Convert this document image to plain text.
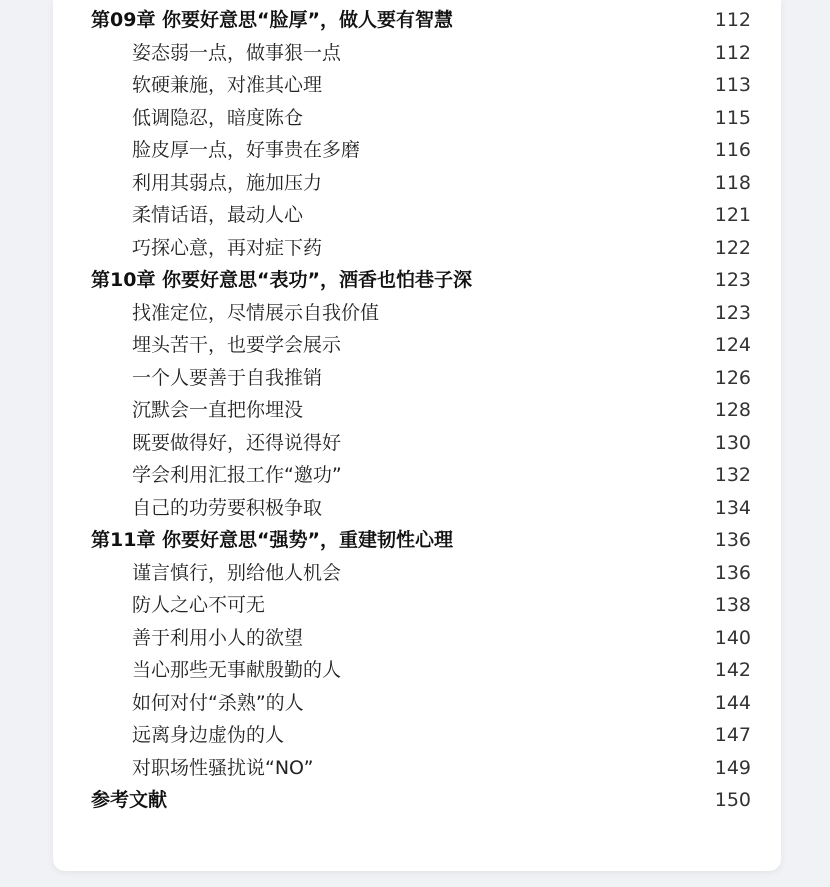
第09章 你要好意思“脸厚”，做人要有智慧	112
姿态弱一点，做事狠一点	112
软硬兼施，对准其心理	113
低调隐忍，暗度陈仓	115
脸皮厚一点，好事贵在多磨	116
利用其弱点，施加压力	118
柔情话语，最动人心	121
巧探心意，再对症下药	122
第10章 你要好意思“表功”，酒香也怕巷子深	123
找准定位，尽情展示自我价值	123
埋头苦干，也要学会展示	124
一个人要善于自我推销	126
沉默会一直把你埋没	128
既要做得好，还得说得好	130
学会利用汇报工作“邀功”	132
自己的功劳要积极争取	134
第11章 你要好意思“强势”，重建韧性心理	136
谨言慎行，别给他人机会	136
防人之心不可无	138
善于利用小人的欲望	140
当心那些无事献殷勤的人	142
如何对付“杀熟”的人	144
远离身边虚伪的人	147
对职场性骚扰说“NO”	149
参考文献	150
